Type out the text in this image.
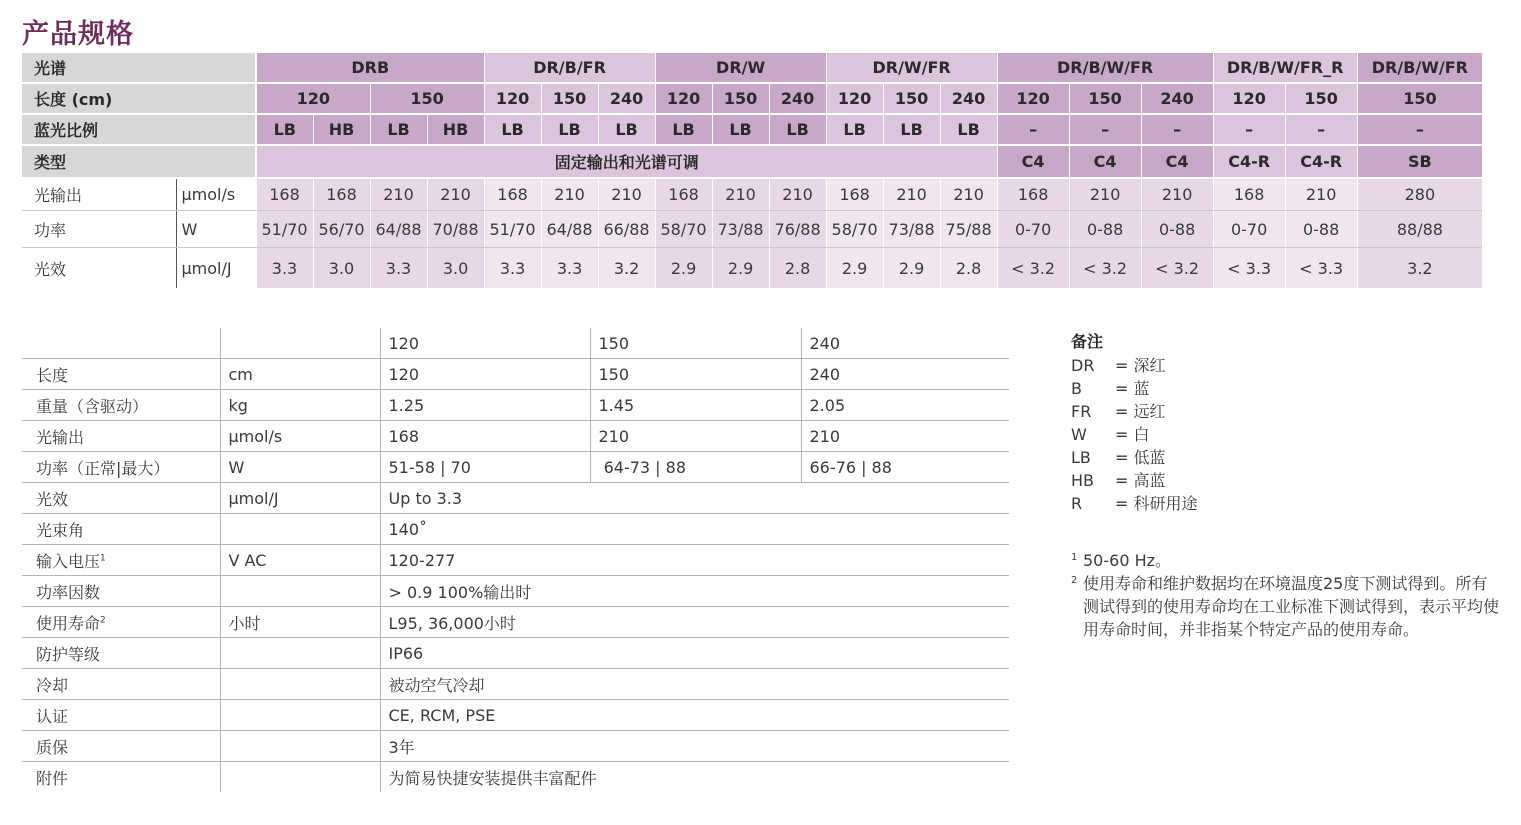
产品规格
光谱		DRB				DR/B/FR			DR/W			DR/W/FR			DR/B/W/FR			DR/B/W/FR_R		DR/B/W/FR
长度 (cm)		120		150		120	150	240	120	150	240	120	150	240	120	150	240	120	150	150
蓝光比例		LB	HB	LB	HB	LB	LB	LB	LB	LB	LB	LB	LB	LB	–	–	–	–	–	–
类型		固定输出和光谱可调													C4	C4	C4	C4-R	C4-R	SB
光输出	μmol/s	168	168	210	210	168	210	210	168	210	210	168	210	210	168	210	210	168	210	280
功率	W	51/70	56/70	64/88	70/88	51/70	64/88	66/88	58/70	73/88	76/88	58/70	73/88	75/88	0-70	0-88	0-88	0-70	0-88	88/88
光效	μmol/J	3.3	3.0	3.3	3.0	3.3	3.3	3.2	2.9	2.9	2.8	2.9	2.9	2.8	< 3.2	< 3.2	< 3.2	< 3.3	< 3.3	3.2
		120	150	240
长度	cm	120	150	240
重量（含驱动）	kg	1.25	1.45	2.05
光输出	μmol/s	168	210	210
功率（正常|最大）	W	51-58 | 70	64-73 | 88	66-76 | 88
光效	μmol/J	Up to 3.3		
光束角		140˚		
输入电压$^1$	V AC	120-277		
功率因数		> 0.9 100%输出时		
使用寿命$^2$	小时	L95, 36,000小时		
防护等级		IP66		
冷却		被动空气冷却		
认证		CE, RCM, PSE		
质保		3年		
附件		为简易快捷安装提供丰富配件		
备注
DR = 深红
B = 蓝
FR = 远红
W = 白
LB = 低蓝
HB = 高蓝
R = 科研用途
1 50-60 Hz。
2 使用寿命和维护数据均在环境温度25度下测试得到。所有测试得到的使用寿命均在工业标准下测试得到，表示平均使用寿命时间，并非指某个特定产品的使用寿命。
